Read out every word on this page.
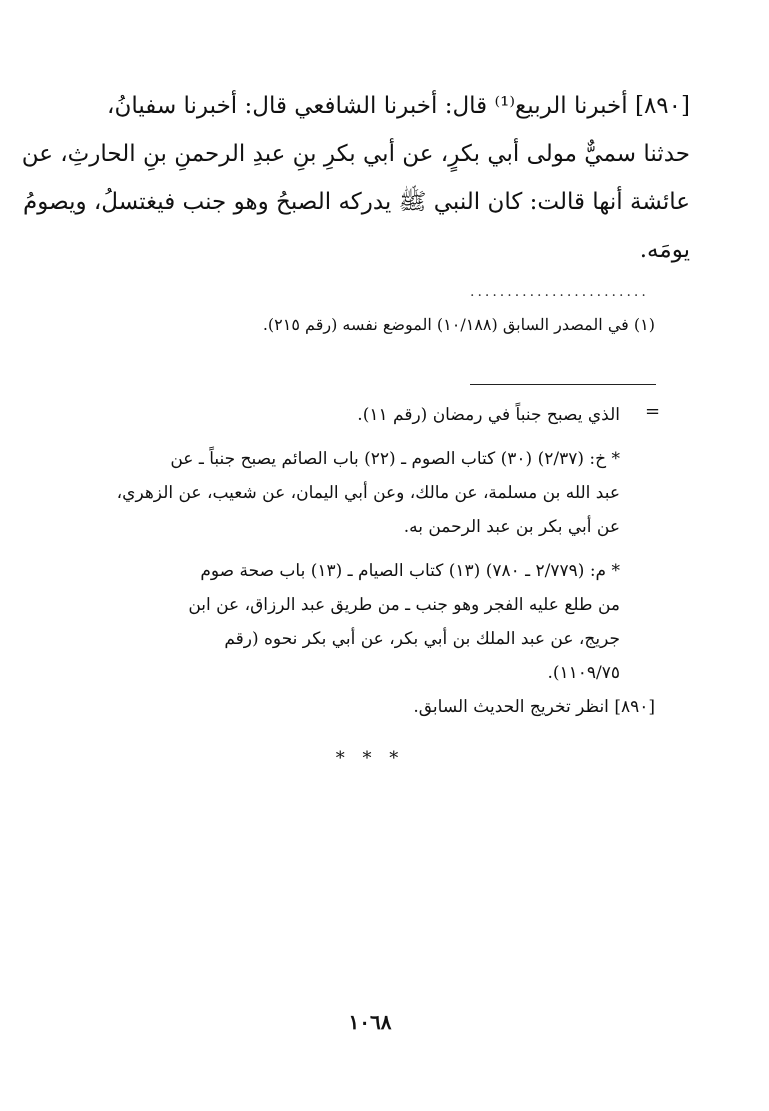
[٨٩٠] أخبرنا الربيع⁽¹⁾ قال: أخبرنا الشافعي قال: أخبرنا سفيانُ،
حدثنا سميٌّ مولى أبي بكرٍ، عن أبي بكرِ بنِ عبدِ الرحمنِ بنِ الحارثِ، عن
عائشة أنها قالت: كان النبي ﷺ يدركه الصبحُ وهو جنب فيغتسلُ، ويصومُ
يومَه.
........................
(١) في المصدر السابق (١٠/١٨٨) الموضع نفسه (رقم ٢١٥).
=
الذي يصبح جنباً في رمضان (رقم ١١).
* خ: (٢/٣٧) (٣٠) كتاب الصوم ـ (٢٢) باب الصائم يصبح جنباً ـ عن
عبد الله بن مسلمة، عن مالك، وعن أبي اليمان، عن شعيب، عن الزهري،
عن أبي بكر بن عبد الرحمن به.
* م: (٢/٧٧٩ ـ ٧٨٠) (١٣) كتاب الصيام ـ (١٣) باب صحة صوم
من طلع عليه الفجر وهو جنب ـ من طريق عبد الرزاق، عن ابن
جريج، عن عبد الملك بن أبي بكر، عن أبي بكر نحوه (رقم
١١٠٩/٧٥).
[٨٩٠] انظر تخريج الحديث السابق.
* * *
١٠٦٨
